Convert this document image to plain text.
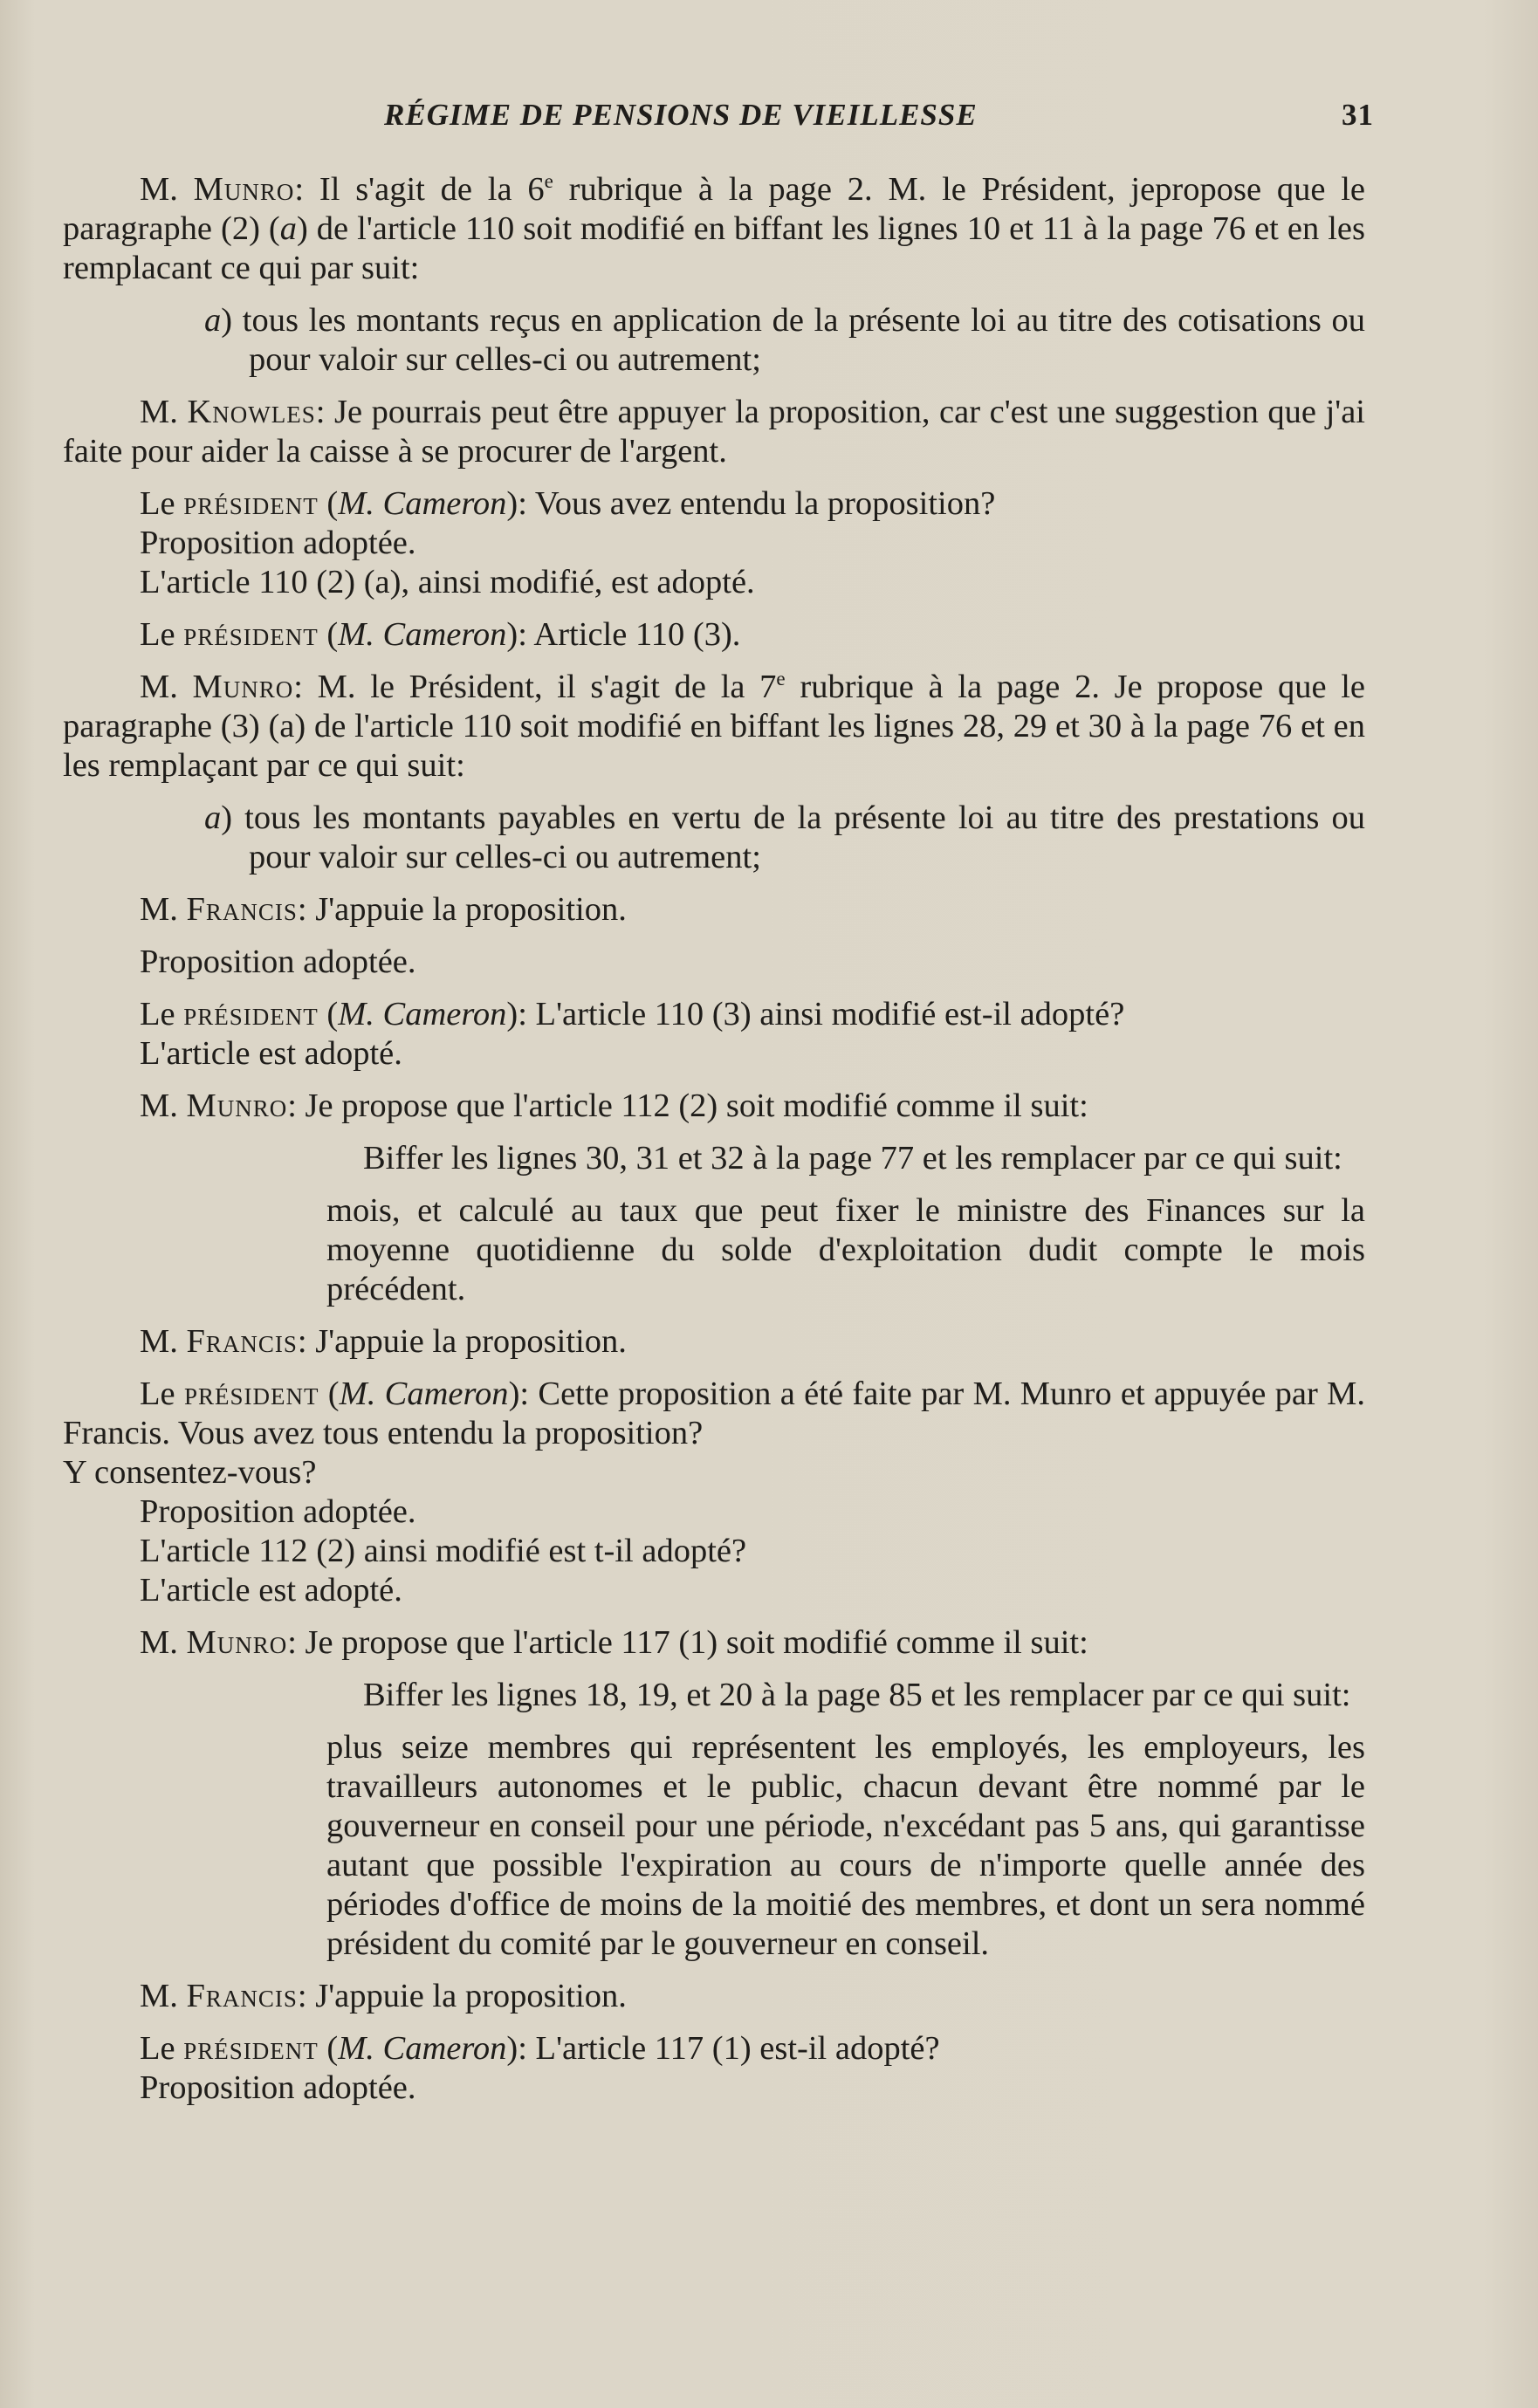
RÉGIME DE PENSIONS DE VIEILLESSE	31

M. Munro: Il s'agit de la 6e rubrique à la page 2. M. le Président, jepropose que le paragraphe (2) (a) de l'article 110 soit modifié en biffant les lignes 10 et 11 à la page 76 et en les remplacant ce qui par suit:

a) tous les montants reçus en application de la présente loi au titre des cotisations ou pour valoir sur celles-ci ou autrement;

M. Knowles: Je pourrais peut être appuyer la proposition, car c'est une suggestion que j'ai faite pour aider la caisse à se procurer de l'argent.

Le président (M. Cameron): Vous avez entendu la proposition?

Proposition adoptée.

L'article 110 (2) (a), ainsi modifié, est adopté.

Le président (M. Cameron): Article 110 (3).

M. Munro: M. le Président, il s'agit de la 7e rubrique à la page 2. Je propose que le paragraphe (3) (a) de l'article 110 soit modifié en biffant les lignes 28, 29 et 30 à la page 76 et en les remplaçant par ce qui suit:

a) tous les montants payables en vertu de la présente loi au titre des prestations ou pour valoir sur celles-ci ou autrement;

M. Francis: J'appuie la proposition.

Proposition adoptée.

Le président (M. Cameron): L'article 110 (3) ainsi modifié est-il adopté?

L'article est adopté.

M. Munro: Je propose que l'article 112 (2) soit modifié comme il suit:

Biffer les lignes 30, 31 et 32 à la page 77 et les remplacer par ce qui suit:

mois, et calculé au taux que peut fixer le ministre des Finances sur la moyenne quotidienne du solde d'exploitation dudit compte le mois précédent.

M. Francis: J'appuie la proposition.

Le président (M. Cameron): Cette proposition a été faite par M. Munro et appuyée par M. Francis. Vous avez tous entendu la proposition?

Y consentez-vous?

Proposition adoptée.

L'article 112 (2) ainsi modifié est t-il adopté?

L'article est adopté.

M. Munro: Je propose que l'article 117 (1) soit modifié comme il suit:

Biffer les lignes 18, 19, et 20 à la page 85 et les remplacer par ce qui suit:

plus seize membres qui représentent les employés, les employeurs, les travailleurs autonomes et le public, chacun devant être nommé par le gouverneur en conseil pour une période, n'excédant pas 5 ans, qui garantisse autant que possible l'expiration au cours de n'importe quelle année des périodes d'office de moins de la moitié des membres, et dont un sera nommé président du comité par le gouverneur en conseil.

M. Francis: J'appuie la proposition.

Le président (M. Cameron): L'article 117 (1) est-il adopté?

Proposition adoptée.
